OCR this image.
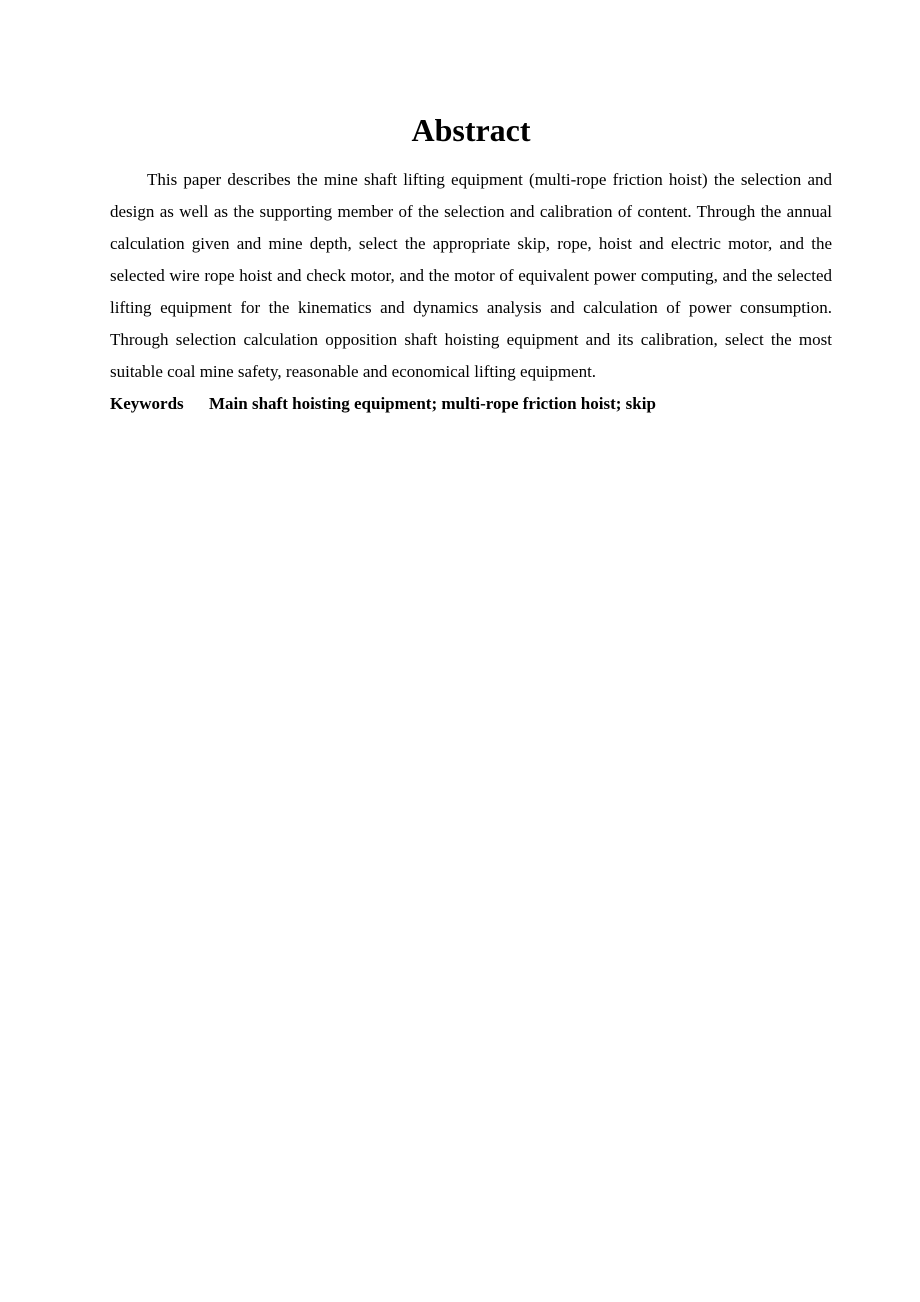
Abstract

This paper describes the mine shaft lifting equipment (multi-rope friction hoist) the selection and design as well as the supporting member of the selection and calibration of content. Through the annual calculation given and mine depth, select the appropriate skip, rope, hoist and electric motor, and the selected wire rope hoist and check motor, and the motor of equivalent power computing, and the selected lifting equipment for the kinematics and dynamics analysis and calculation of power consumption. Through selection calculation opposition shaft hoisting equipment and its calibration, select the most suitable coal mine safety, reasonable and economical lifting equipment.

Keywords Main shaft hoisting equipment; multi-rope friction hoist; skip
